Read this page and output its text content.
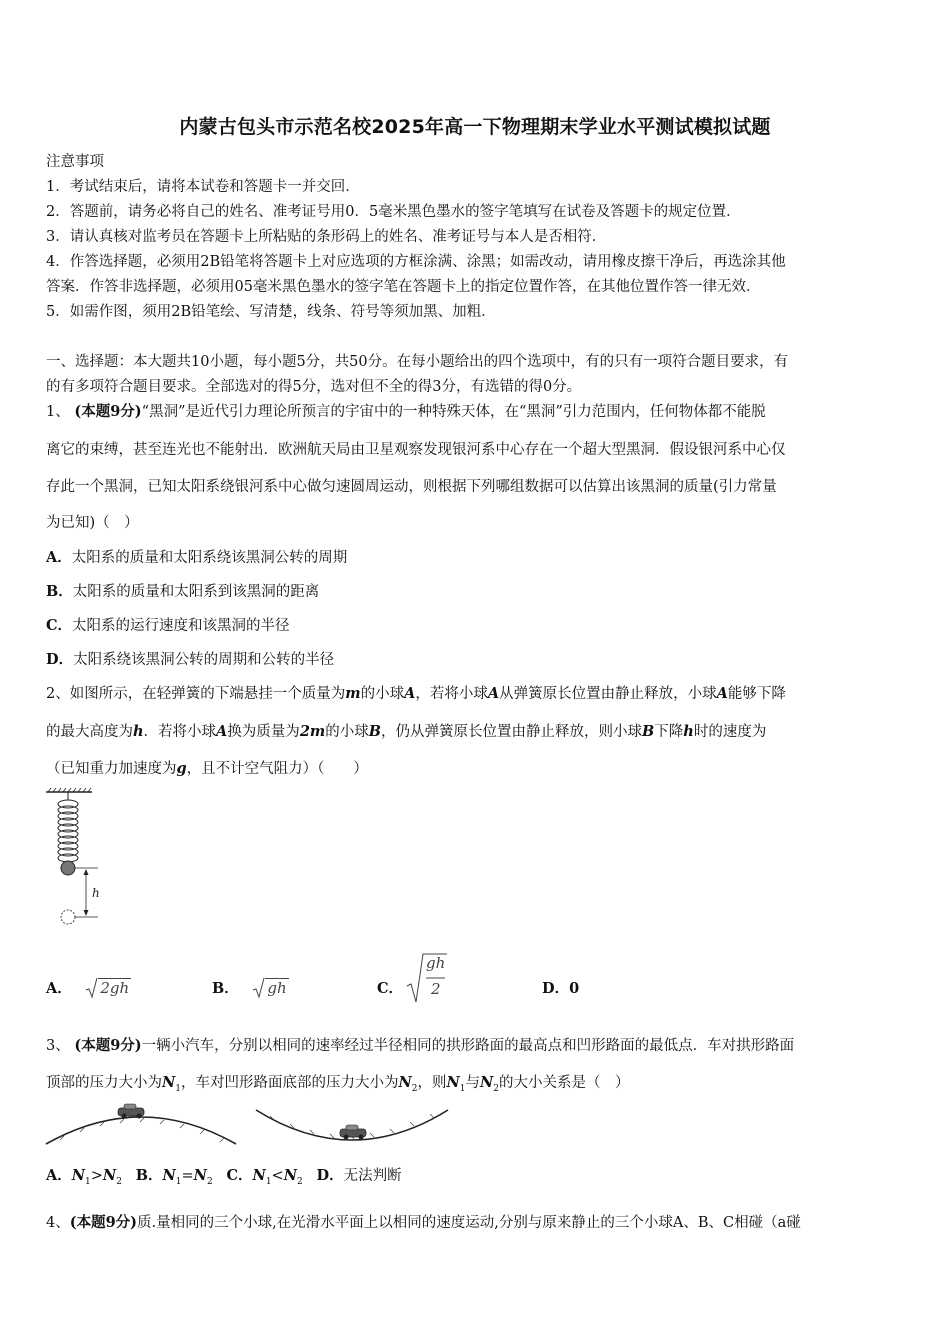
内蒙古包头市示范名校2025年高一下物理期末学业水平测试模拟试题
注意事项
1．考试结束后，请将本试卷和答题卡一并交回．
2．答题前，请务必将自己的姓名、准考证号用0．5毫米黑色墨水的签字笔填写在试卷及答题卡的规定位置．
3．请认真核对监考员在答题卡上所粘贴的条形码上的姓名、准考证号与本人是否相符．
4．作答选择题，必须用2B铅笔将答题卡上对应选项的方框涂满、涂黑；如需改动，请用橡皮擦干净后，再选涂其他
答案．作答非选择题，必须用05毫米黑色墨水的签字笔在答题卡上的指定位置作答，在其他位置作答一律无效．
5．如需作图，须用2B铅笔绘、写清楚，线条、符号等须加黑、加粗．
一、选择题：本大题共10小题，每小题5分，共50分。在每小题给出的四个选项中，有的只有一项符合题目要求，有
的有多项符合题目要求。全部选对的得5分，选对但不全的得3分，有选错的得0分。
1、 (本题9分)“黑洞”是近代引力理论所预言的宇宙中的一种特殊天体，在“黑洞”引力范围内，任何物体都不能脱
离它的束缚，甚至连光也不能射出．欧洲航天局由卫星观察发现银河系中心存在一个超大型黑洞．假设银河系中心仅
存此一个黑洞，已知太阳系绕银河系中心做匀速圆周运动，则根据下列哪组数据可以估算出该黑洞的质量(引力常量
为已知)（　）
A．太阳系的质量和太阳系绕该黑洞公转的周期
B．太阳系的质量和太阳系到该黑洞的距离
C．太阳系的运行速度和该黑洞的半径
D．太阳系绕该黑洞公转的周期和公转的半径
2、如图所示，在轻弹簧的下端悬挂一个质量为m的小球A，若将小球A从弹簧原长位置由静止释放，小球A能够下降
的最大高度为h．若将小球A换为质量为2m的小球B，仍从弹簧原长位置由静止释放，则小球B下降h时的速度为
（已知重力加速度为g，且不计空气阻力）（　　）
h
A． 2gh	B． gh	C．
gh
2	D．0
3、 (本题9分)一辆小汽车，分别以相同的速率经过半径相同的拱形路面的最高点和凹形路面的最低点．车对拱形路面
顶部的压力大小为$N_1$，车对凹形路面底部的压力大小为$N_2$，则$N_1$与$N_2$的大小关系是（　）
A．$N_1>N_2$ B．$N_1=N_2$ C．$N_1<N_2$ D．无法判断
4、(本题9分)质.量相同的三个小球,在光滑水平面上以相同的速度运动,分别与原来静止的三个小球A、B、C相碰（a碰
